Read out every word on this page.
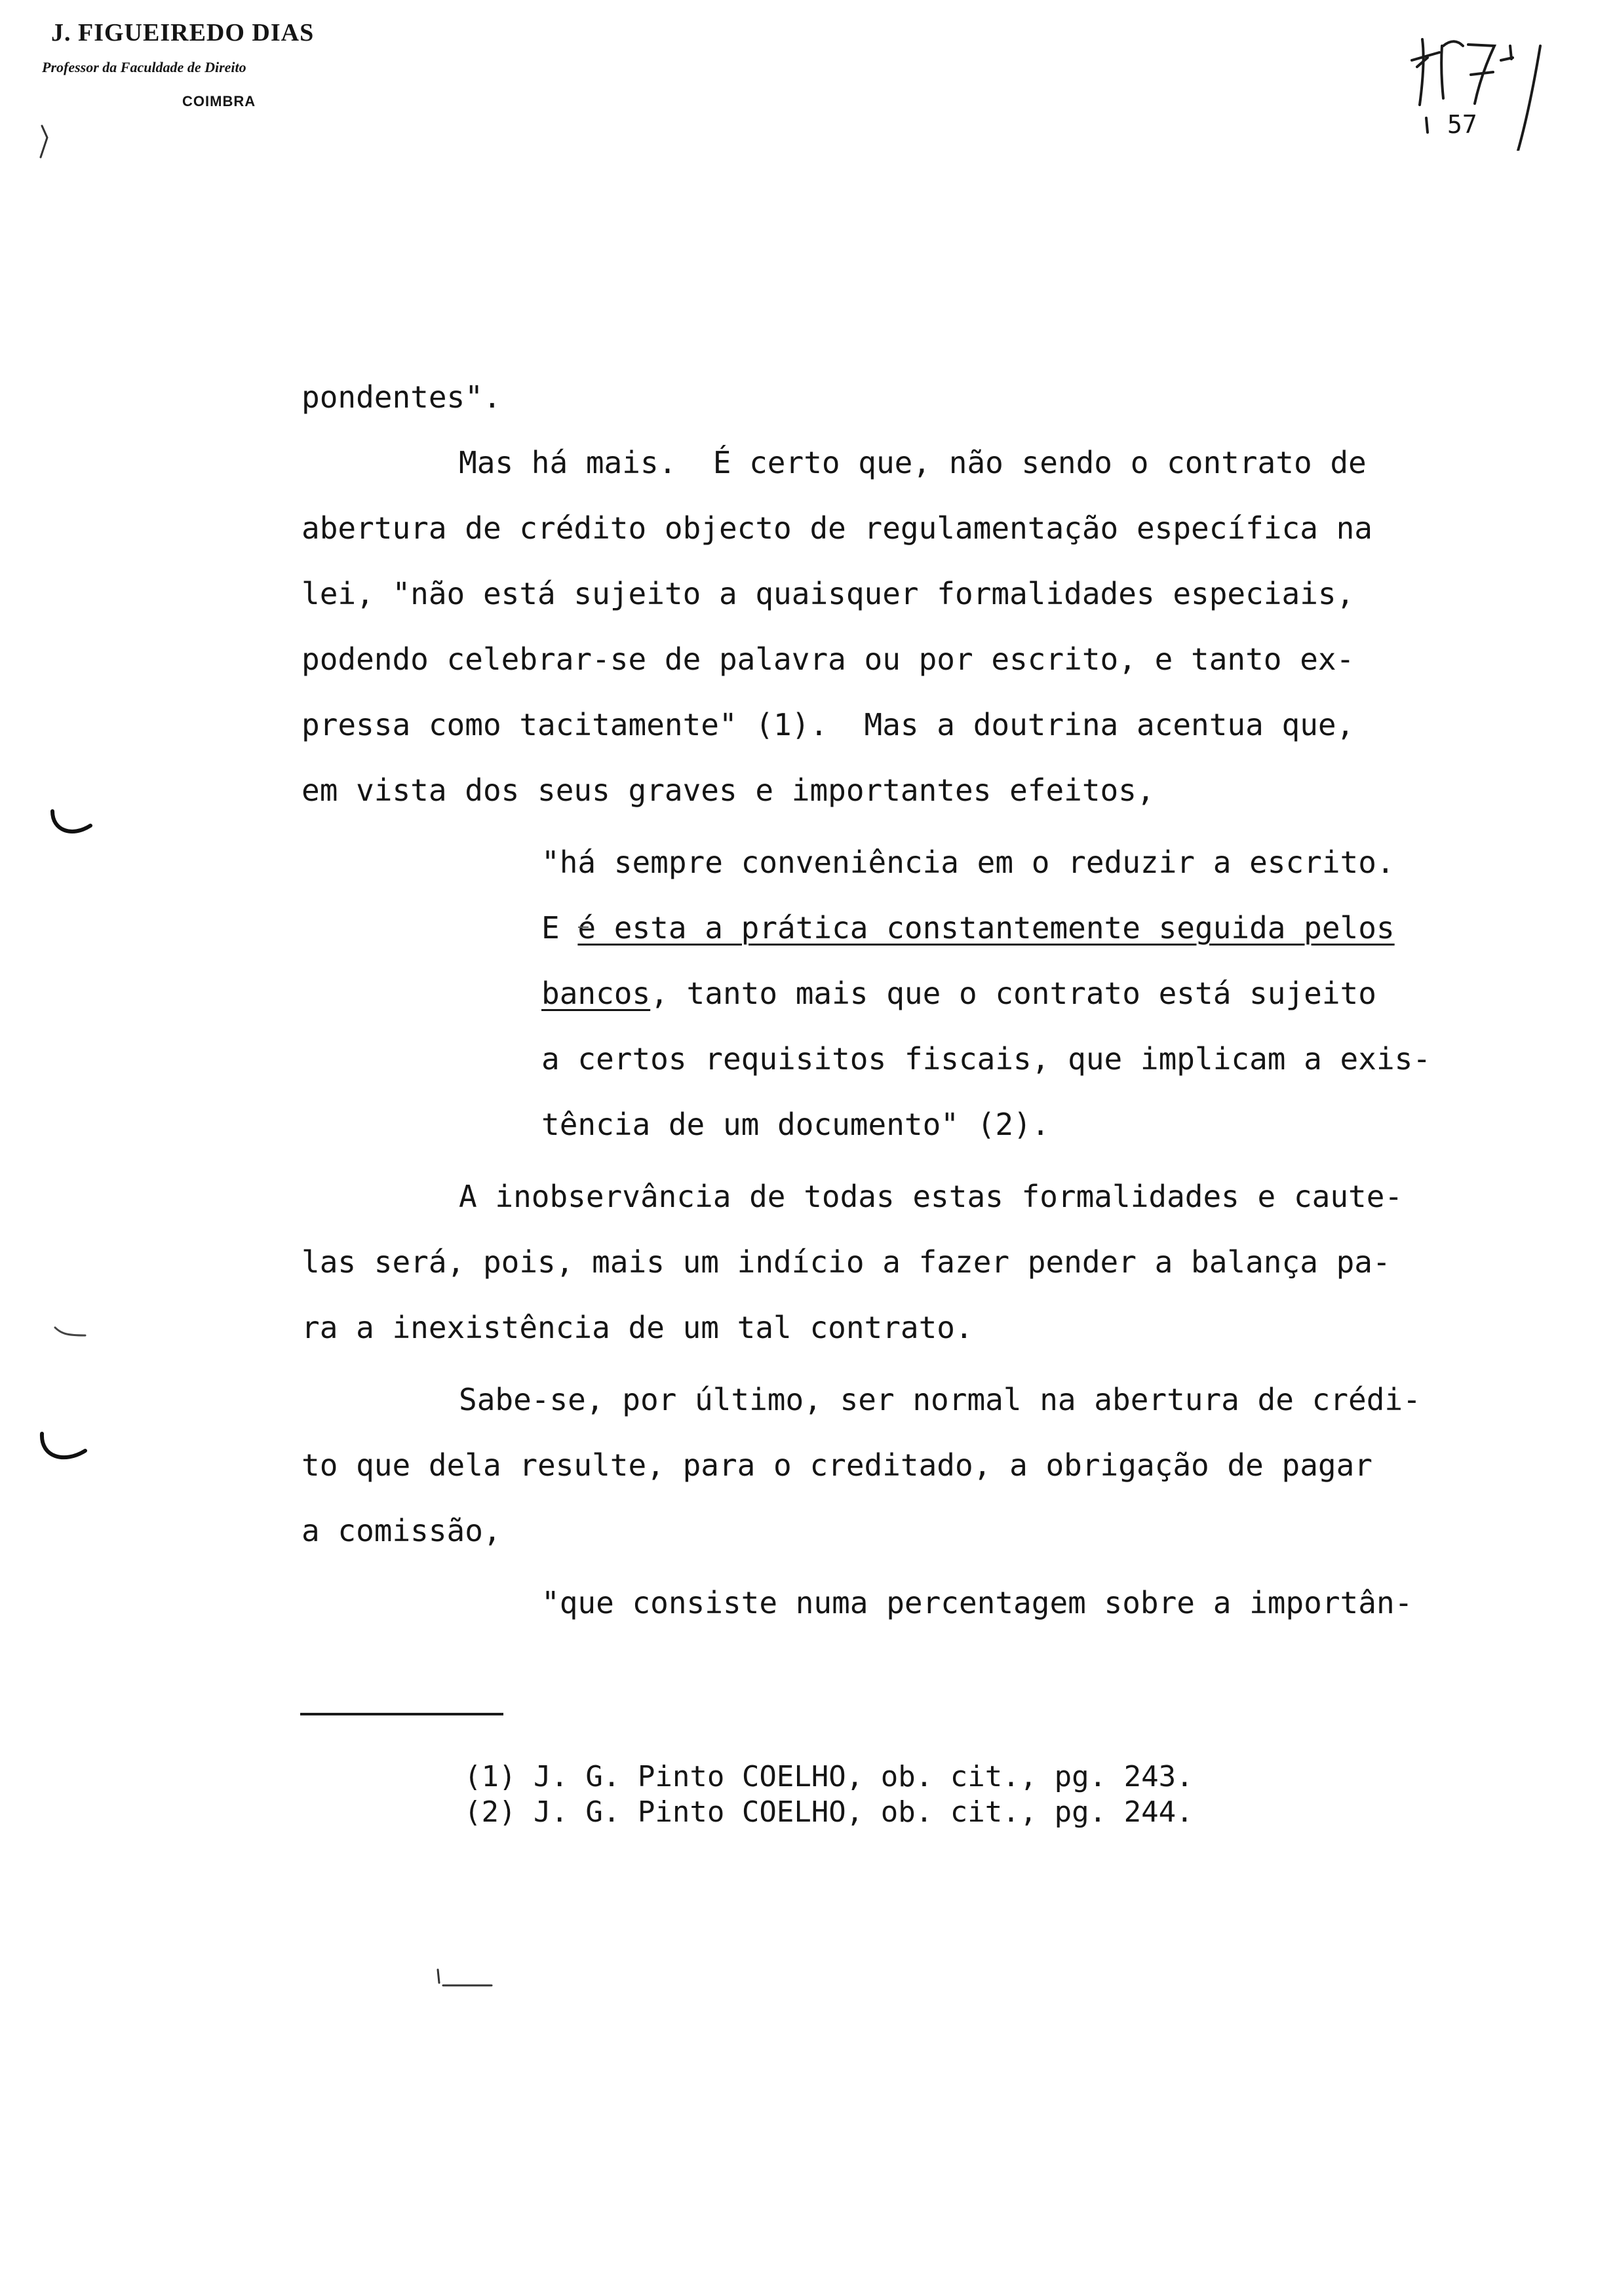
J. FIGUEIREDO DIAS
Professor da Faculdade de Direito
COIMBRA
57
pondentes".
Mas há mais.  É certo que, não sendo o contrato de
abertura de crédito objecto de regulamentação específica na
lei, "não está sujeito a quaisquer formalidades especiais,
podendo celebrar-se de palavra ou por escrito, e tanto ex-
pressa como tacitamente" (1).  Mas a doutrina acentua que,
em vista dos seus graves e importantes efeitos,
"há sempre conveniência em o reduzir a escrito.
E é esta a prática constantemente seguida pelos
bancos, tanto mais que o contrato está sujeito
a certos requisitos fiscais, que implicam a exis-
tência de um documento" (2).
A inobservância de todas estas formalidades e caute-
las será, pois, mais um indício a fazer pender a balança pa-
ra a inexistência de um tal contrato.
Sabe-se, por último, ser normal na abertura de crédi-
to que dela resulte, para o creditado, a obrigação de pagar
a comissão,
"que consiste numa percentagem sobre a importân-
(1) J. G. Pinto COELHO, ob. cit., pg. 243.
(2) J. G. Pinto COELHO, ob. cit., pg. 244.
